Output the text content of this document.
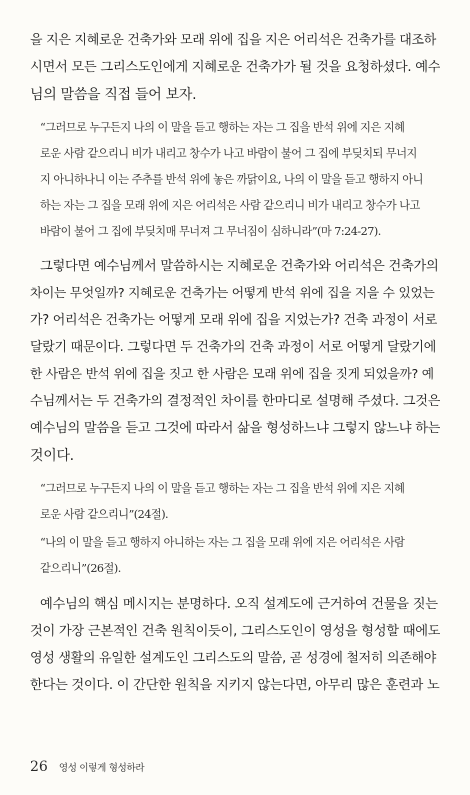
을 지은 지혜로운 건축가와 모래 위에 집을 지은 어리석은 건축가를 대조하
시면서 모든 그리스도인에게 지혜로운 건축가가 될 것을 요청하셨다. 예수
님의 말씀을 직접 들어 보자.
“그러므로 누구든지 나의 이 말을 듣고 행하는 자는 그 집을 반석 위에 지은 지혜
로운 사람 같으리니 비가 내리고 창수가 나고 바람이 불어 그 집에 부딪치되 무너지
지 아니하나니 이는 주추를 반석 위에 놓은 까닭이요, 나의 이 말을 듣고 행하지 아니
하는 자는 그 집을 모래 위에 지은 어리석은 사람 같으리니 비가 내리고 창수가 나고
바람이 불어 그 집에 부딪치매 무너져 그 무너짐이 심하니라”(마 7:24-27).
그렇다면 예수님께서 말씀하시는 지혜로운 건축가와 어리석은 건축가의
차이는 무엇일까? 지혜로운 건축가는 어떻게 반석 위에 집을 지을 수 있었는
가? 어리석은 건축가는 어떻게 모래 위에 집을 지었는가? 건축 과정이 서로
달랐기 때문이다. 그렇다면 두 건축가의 건축 과정이 서로 어떻게 달랐기에
한 사람은 반석 위에 집을 짓고 한 사람은 모래 위에 집을 짓게 되었을까? 예
수님께서는 두 건축가의 결정적인 차이를 한마디로 설명해 주셨다. 그것은
예수님의 말씀을 듣고 그것에 따라서 삶을 형성하느냐 그렇지 않느냐 하는
것이다.
“그러므로 누구든지 나의 이 말을 듣고 행하는 자는 그 집을 반석 위에 지은 지혜
로운 사람 같으리니”(24절).
“나의 이 말을 듣고 행하지 아니하는 자는 그 집을 모래 위에 지은 어리석은 사람
같으리니”(26절).
예수님의 핵심 메시지는 분명하다. 오직 설계도에 근거하여 건물을 짓는
것이 가장 근본적인 건축 원칙이듯이, 그리스도인이 영성을 형성할 때에도
영성 생활의 유일한 설계도인 그리스도의 말씀, 곧 성경에 철저히 의존해야
한다는 것이다. 이 간단한 원칙을 지키지 않는다면, 아무리 많은 훈련과 노
26 영성 이렇게 형성하라
